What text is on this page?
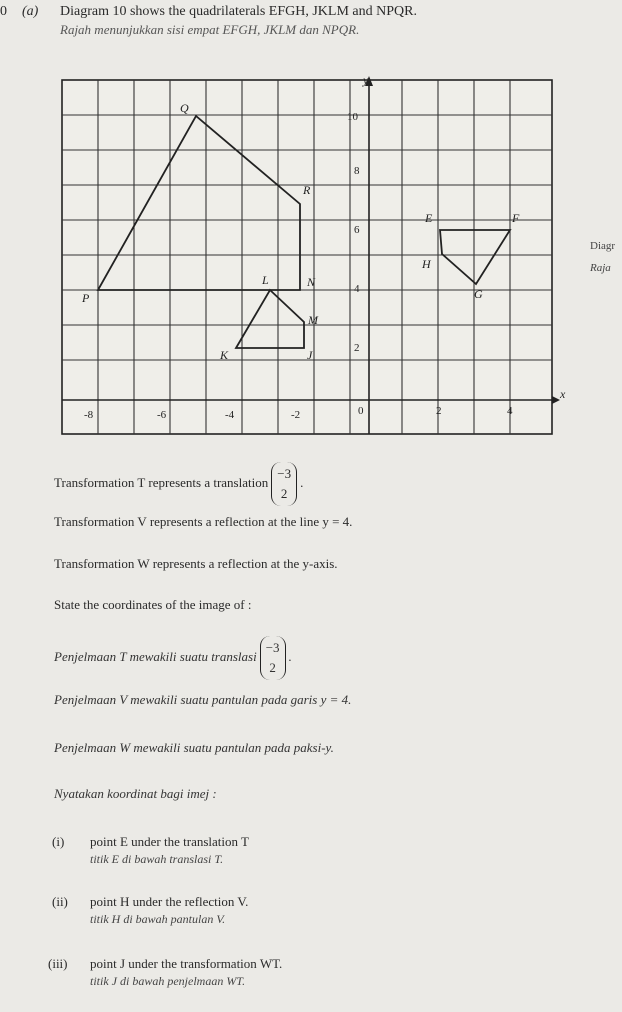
0 (a) Diagram 10 shows the quadrilaterals EFGH, JKLM and NPQR.
Rajah menunjukkan sisi empat EFGH, JKLM dan NPQR.
x
y
-8	-6	-4	-2	0	2	4
2
4
6
8
10
Q
R
P
N
L
M
K	J
E	F
H
G
Diagr
Raja
Transformation T represents a translation
−3
2
.
Transformation V represents a reflection at the line y = 4.
Transformation W represents a reflection at the y-axis.
State the coordinates of the image of :
Penjelmaan T mewakili suatu translasi
−3
2
.
Penjelmaan V mewakili suatu pantulan pada garis y = 4.
Penjelmaan W mewakili suatu pantulan pada paksi-y.
Nyatakan koordinat bagi imej :
(i) point E under the translation T
titik E di bawah translasi T.
(ii) point H under the reflection V.
titik H di bawah pantulan V.
(iii) point J under the transformation WT.
titik J di bawah penjelmaan WT.
